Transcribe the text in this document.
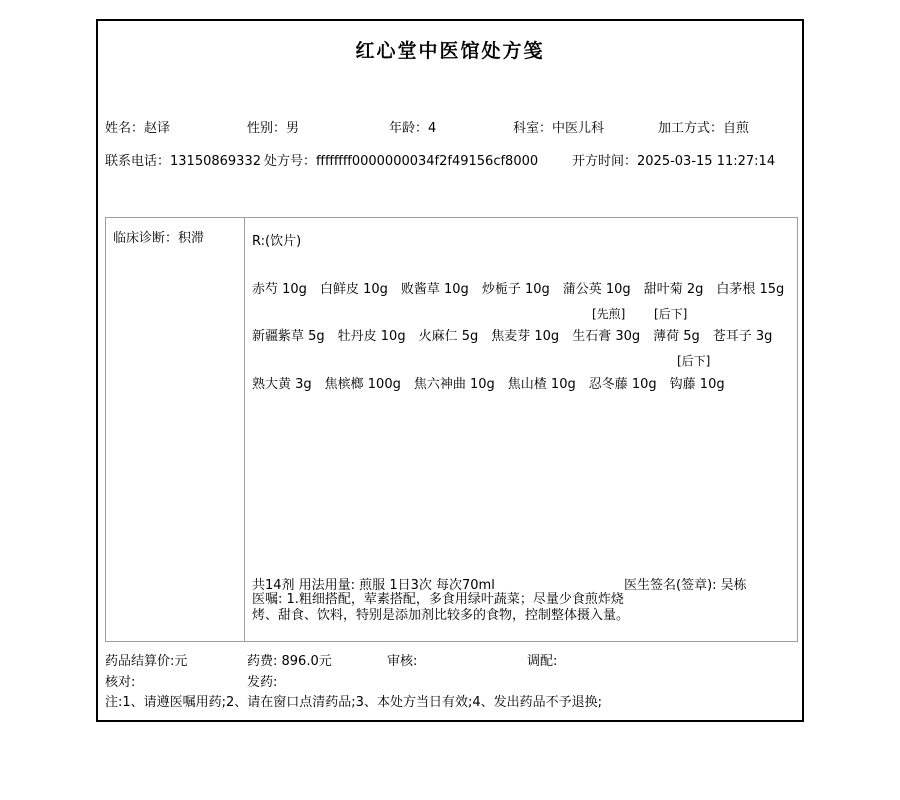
红心堂中医馆处方笺
姓名：赵译	性别：男	年龄：4	科室：中医儿科	加工方式：自煎
联系电话：13150869332 处方号：ffffffff0000000034f2f49156cf8000	开方时间：2025-03-15 11:27:14
临床诊断：积滞	R:(饮片)
赤芍 10g 白鲜皮 10g 败酱草 10g 炒栀子 10g 蒲公英 10g 甜叶菊 2g 白茅根 15g
[先煎] [后下]
新疆紫草 5g 牡丹皮 10g 火麻仁 5g 焦麦芽 10g 生石膏 30g 薄荷 5g 苍耳子 3g
[后下]
熟大黄 3g 焦槟榔 100g 焦六神曲 10g 焦山楂 10g 忍冬藤 10g 钩藤 10g
共14剂 用法用量: 煎服 1日3次 每次70ml	医生签名(签章): 吴栋
医嘱: 1.粗细搭配，荤素搭配，多食用绿叶蔬菜；尽量少食煎炸烧烤、甜食、饮料，特别是添加剂比较多的食物，控制整体摄入量。
药品结算价:元	药费: 896.0元	审核:	调配:
核对:	发药:
注:1、请遵医嘱用药;2、请在窗口点清药品;3、本处方当日有效;4、发出药品不予退换;
